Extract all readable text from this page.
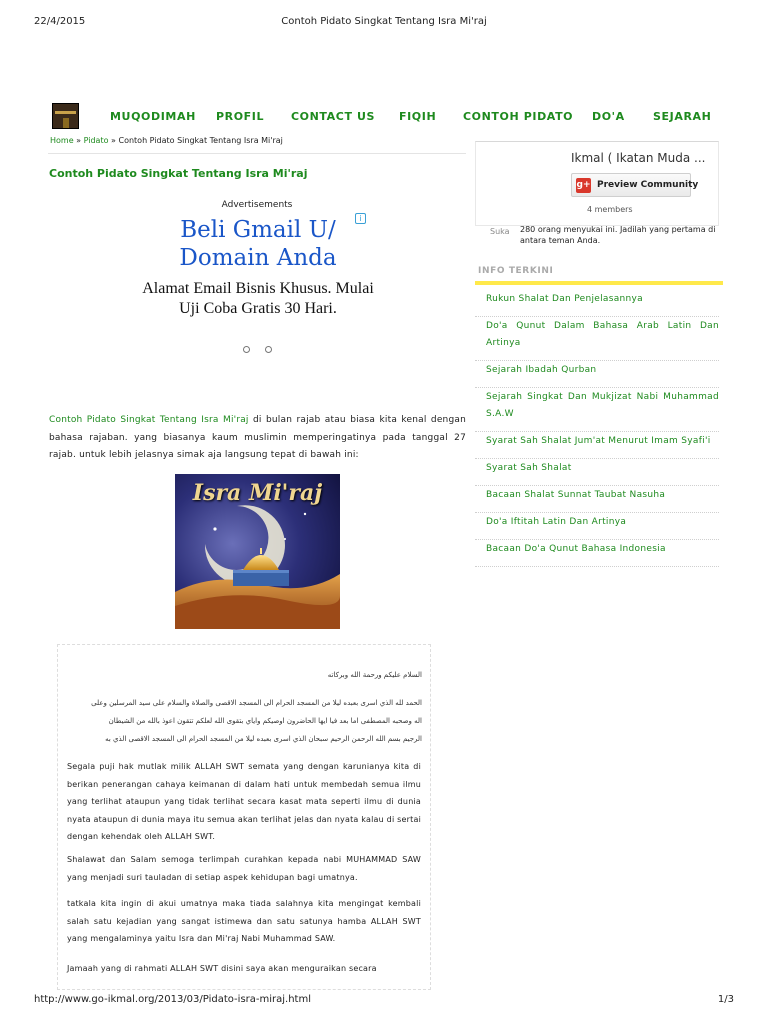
22/4/2015	Contoh Pidato Singkat Tentang Isra Mi'raj
MUQODIMAH PROFIL CONTACT US FIQIH CONTOH PIDATO DO'A	SEJARAH
Home » Pidato » Contoh Pidato Singkat Tentang Isra Mi'raj
Contoh Pidato Singkat Tentang Isra Mi'raj
Advertisements
i
Beli Gmail U/ Domain Anda
Alamat Email Bisnis Khusus. Mulai Uji Coba Gratis 30 Hari.
Contoh Pidato Singkat Tentang Isra Mi'raj di bulan rajab atau biasa kita kenal dengan bahasa rajaban. yang biasanya kaum muslimin memperingatinya pada tanggal 27 rajab. untuk lebih jelasnya simak aja langsung tepat di bawah ini:
Isra Mi'raj
السلام عليكم ورحمة الله وبركاته
الحمد لله الذي اسرى بعبده ليلا من المسجد الحرام الى المسجد الاقصى والصلاة والسلام على سيد المرسلين وعلى
اله وصحبه المصطفى اما بعد فيا ايها الحاضرون اوصيكم واياي بتقوى الله لعلكم تتقون اعوذ بالله من الشيطان
الرجيم بسم الله الرحمن الرحيم سبحان الذي اسرى بعبده ليلا من المسجد الحرام الى المسجد الاقصى الذي به
Segala puji hak mutlak milik ALLAH SWT semata yang dengan karunianya kita di berikan penerangan cahaya keimanan di dalam hati untuk membedah semua ilmu yang terlihat ataupun yang tidak terlihat secara kasat mata seperti ilmu di dunia nyata ataupun di dunia maya itu semua akan terlihat jelas dan nyata kalau di sertai dengan kehendak oleh ALLAH SWT.
Shalawat dan Salam semoga terlimpah curahkan kepada nabi MUHAMMAD SAW yang menjadi suri tauladan di setiap aspek kehidupan bagi umatnya.
tatkala kita ingin di akui umatnya maka tiada salahnya kita mengingat kembali salah satu kejadian yang sangat istimewa dan satu satunya hamba ALLAH SWT yang mengalaminya yaitu Isra dan Mi'raj Nabi Muhammad SAW.
Jamaah yang di rahmati ALLAH SWT disini saya akan menguraikan secara
Ikmal ( Ikatan Muda ...
g+ Preview Community
4 members
Suka 280 orang menyukai ini. Jadilah yang pertama di antara teman Anda.
INFO TERKINI
Rukun Shalat Dan Penjelasannya
Do'a Qunut Dalam Bahasa Arab Latin Dan Artinya
Sejarah Ibadah Qurban
Sejarah Singkat Dan Mukjizat Nabi Muhammad S.A.W
Syarat Sah Shalat Jum'at Menurut Imam Syafi'i
Syarat Sah Shalat
Bacaan Shalat Sunnat Taubat Nasuha
Do'a Iftitah Latin Dan Artinya
Bacaan Do'a Qunut Bahasa Indonesia
http://www.go-ikmal.org/2013/03/Pidato-isra-miraj.html	1/3
